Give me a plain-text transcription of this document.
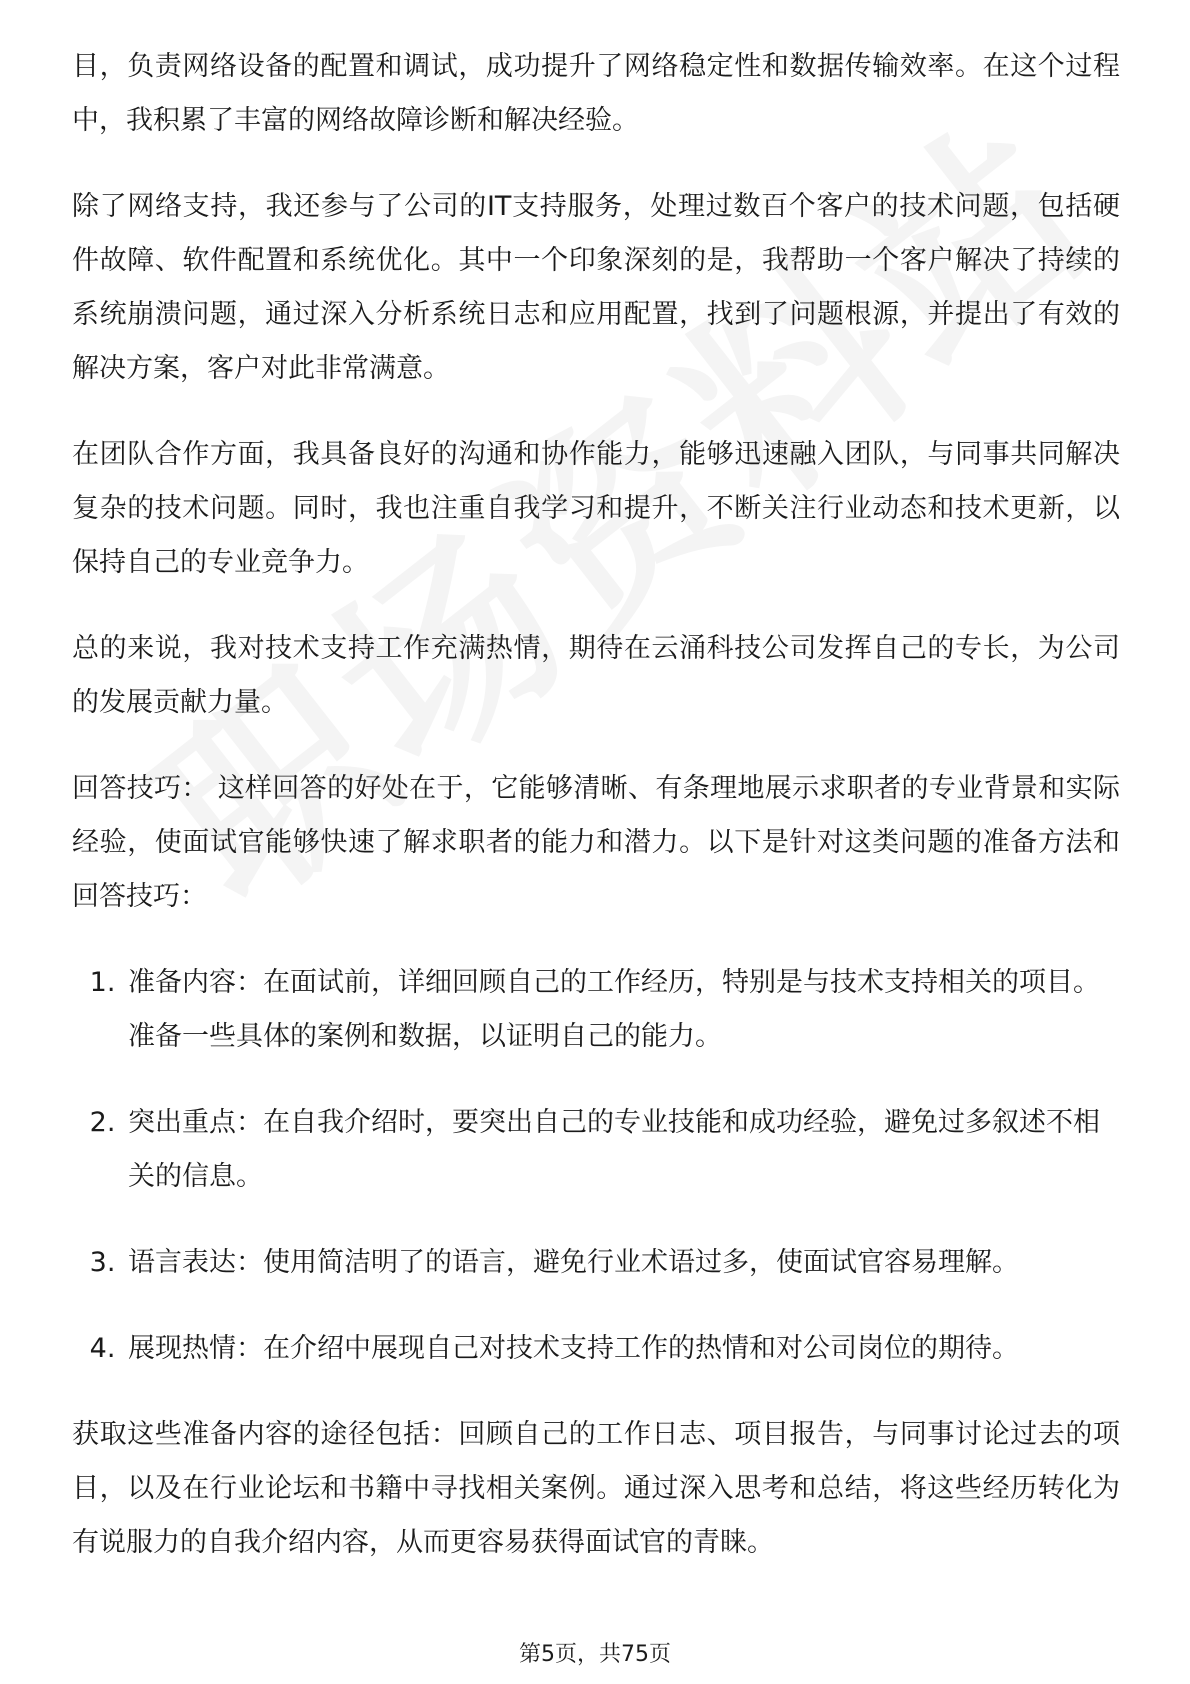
目，负责网络设备的配置和调试，成功提升了网络稳定性和数据传输效率。在这个过程中，我积累了丰富的网络故障诊断和解决经验。

除了网络支持，我还参与了公司的IT支持服务，处理过数百个客户的技术问题，包括硬件故障、软件配置和系统优化。其中一个印象深刻的是，我帮助一个客户解决了持续的系统崩溃问题，通过深入分析系统日志和应用配置，找到了问题根源，并提出了有效的解决方案，客户对此非常满意。

在团队合作方面，我具备良好的沟通和协作能力，能够迅速融入团队，与同事共同解决复杂的技术问题。同时，我也注重自我学习和提升，不断关注行业动态和技术更新，以保持自己的专业竞争力。

总的来说，我对技术支持工作充满热情，期待在云涌科技公司发挥自己的专长，为公司的发展贡献力量。

回答技巧： 这样回答的好处在于，它能够清晰、有条理地展示求职者的专业背景和实际经验，使面试官能够快速了解求职者的能力和潜力。以下是针对这类问题的准备方法和回答技巧：

1. 准备内容：在面试前，详细回顾自己的工作经历，特别是与技术支持相关的项目。准备一些具体的案例和数据，以证明自己的能力。
2. 突出重点：在自我介绍时，要突出自己的专业技能和成功经验，避免过多叙述不相关的信息。
3. 语言表达：使用简洁明了的语言，避免行业术语过多，使面试官容易理解。
4. 展现热情：在介绍中展现自己对技术支持工作的热情和对公司岗位的期待。

获取这些准备内容的途径包括：回顾自己的工作日志、项目报告，与同事讨论过去的项目，以及在行业论坛和书籍中寻找相关案例。通过深入思考和总结，将这些经历转化为有说服力的自我介绍内容，从而更容易获得面试官的青睐。

第5页，共75页
